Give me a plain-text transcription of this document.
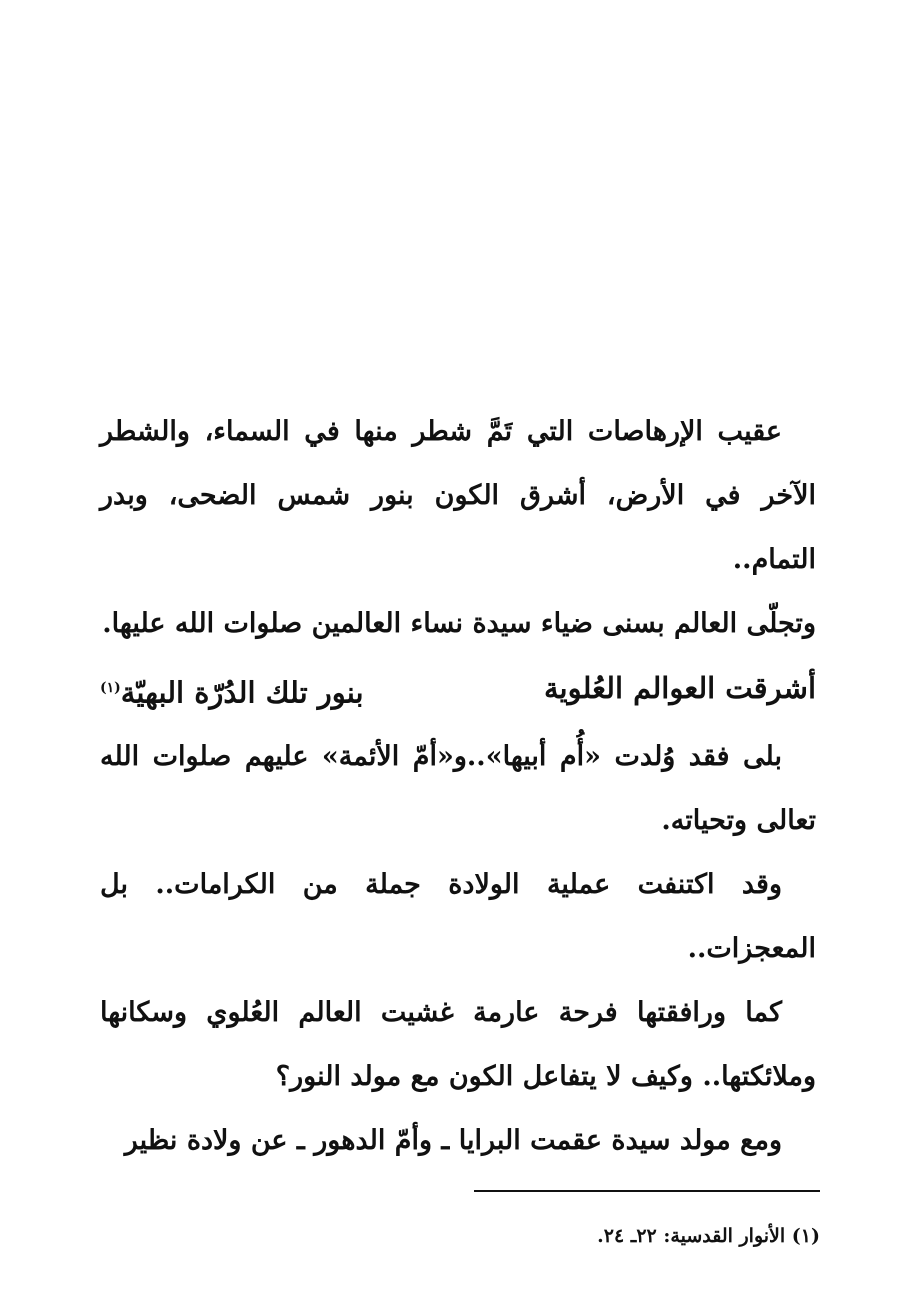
عقيب الإرهاصات التي تَمَّ شطر منها في السماء، والشطر الآخر في الأرض، أشرق الكون بنور شمس الضحى، وبدر التمام..

وتجلّى العالم بسنى ضياء سيدة نساء العالمين صلوات الله عليها.

أشرقت العوالم العُلوية
بنور تلك الدُرّة البهيّة$^{(١)}$

بلى فقد وُلدت «أُم أبيها»..و«أمّ الأئمة» عليهم صلوات الله تعالى وتحياته.

وقد اكتنفت عملية الولادة جملة من الكرامات.. بل المعجزات..

كما ورافقتها فرحة عارمة غشيت العالم العُلوي وسكانها وملائكتها.. وكيف لا يتفاعل الكون مع مولد النور؟

ومع مولد سيدة عقمت البرايا ـ وأمّ الدهور ـ عن ولادة نظير

(١) الأنوار القدسية: ٢٢ـ ٢٤.
